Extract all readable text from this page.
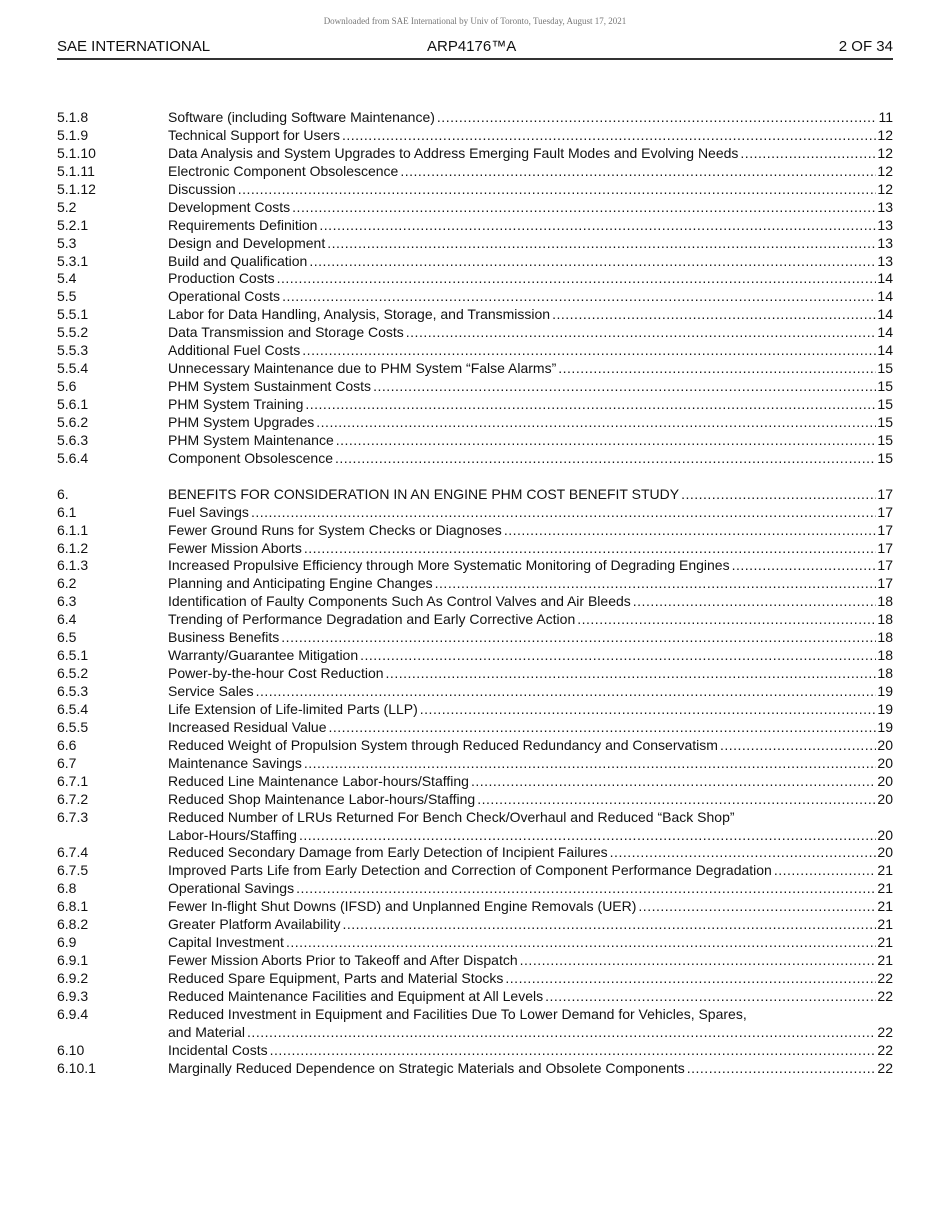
Downloaded from SAE International by Univ of Toronto, Tuesday, August 17, 2021
SAE INTERNATIONAL	ARP4176™A	2 OF 34
5.1.8	Software (including Software Maintenance) .....	11
5.1.9	Technical Support for Users .....	12
5.1.10	Data Analysis and System Upgrades to Address Emerging Fault Modes and Evolving Needs .....	12
5.1.11	Electronic Component Obsolescence .....	12
5.1.12	Discussion .....	12
5.2	Development Costs .....	13
5.2.1	Requirements Definition .....	13
5.3	Design and Development .....	13
5.3.1	Build and Qualification .....	13
5.4	Production Costs .....	14
5.5	Operational Costs .....	14
5.5.1	Labor for Data Handling, Analysis, Storage, and Transmission .....	14
5.5.2	Data Transmission and Storage Costs .....	14
5.5.3	Additional Fuel Costs .....	14
5.5.4	Unnecessary Maintenance due to PHM System “False Alarms” .....	15
5.6	PHM System Sustainment Costs .....	15
5.6.1	PHM System Training .....	15
5.6.2	PHM System Upgrades .....	15
5.6.3	PHM System Maintenance .....	15
5.6.4	Component Obsolescence .....	15
6.	BENEFITS FOR CONSIDERATION IN AN ENGINE PHM COST BENEFIT STUDY .....	17
6.1	Fuel Savings .....	17
6.1.1	Fewer Ground Runs for System Checks or Diagnoses .....	17
6.1.2	Fewer Mission Aborts .....	17
6.1.3	Increased Propulsive Efficiency through More Systematic Monitoring of Degrading Engines .....	17
6.2	Planning and Anticipating Engine Changes .....	17
6.3	Identification of Faulty Components Such As Control Valves and Air Bleeds .....	18
6.4	Trending of Performance Degradation and Early Corrective Action .....	18
6.5	Business Benefits .....	18
6.5.1	Warranty/Guarantee Mitigation .....	18
6.5.2	Power-by-the-hour Cost Reduction .....	18
6.5.3	Service Sales .....	19
6.5.4	Life Extension of Life-limited Parts (LLP) .....	19
6.5.5	Increased Residual Value .....	19
6.6	Reduced Weight of Propulsion System through Reduced Redundancy and Conservatism .....	20
6.7	Maintenance Savings .....	20
6.7.1	Reduced Line Maintenance Labor-hours/Staffing .....	20
6.7.2	Reduced Shop Maintenance Labor-hours/Staffing .....	20
6.7.3	Reduced Number of LRUs Returned For Bench Check/Overhaul and Reduced “Back Shop”
Labor-Hours/Staffing .....	20
6.7.4	Reduced Secondary Damage from Early Detection of Incipient Failures .....	20
6.7.5	Improved Parts Life from Early Detection and Correction of Component Performance Degradation .....	21
6.8	Operational Savings .....	21
6.8.1	Fewer In-flight Shut Downs (IFSD) and Unplanned Engine Removals (UER) .....	21
6.8.2	Greater Platform Availability .....	21
6.9	Capital Investment .....	21
6.9.1	Fewer Mission Aborts Prior to Takeoff and After Dispatch .....	21
6.9.2	Reduced Spare Equipment, Parts and Material Stocks .....	22
6.9.3	Reduced Maintenance Facilities and Equipment at All Levels .....	22
6.9.4	Reduced Investment in Equipment and Facilities Due To Lower Demand for Vehicles, Spares,
and Material .....	22
6.10	Incidental Costs .....	22
6.10.1	Marginally Reduced Dependence on Strategic Materials and Obsolete Components .....	22
